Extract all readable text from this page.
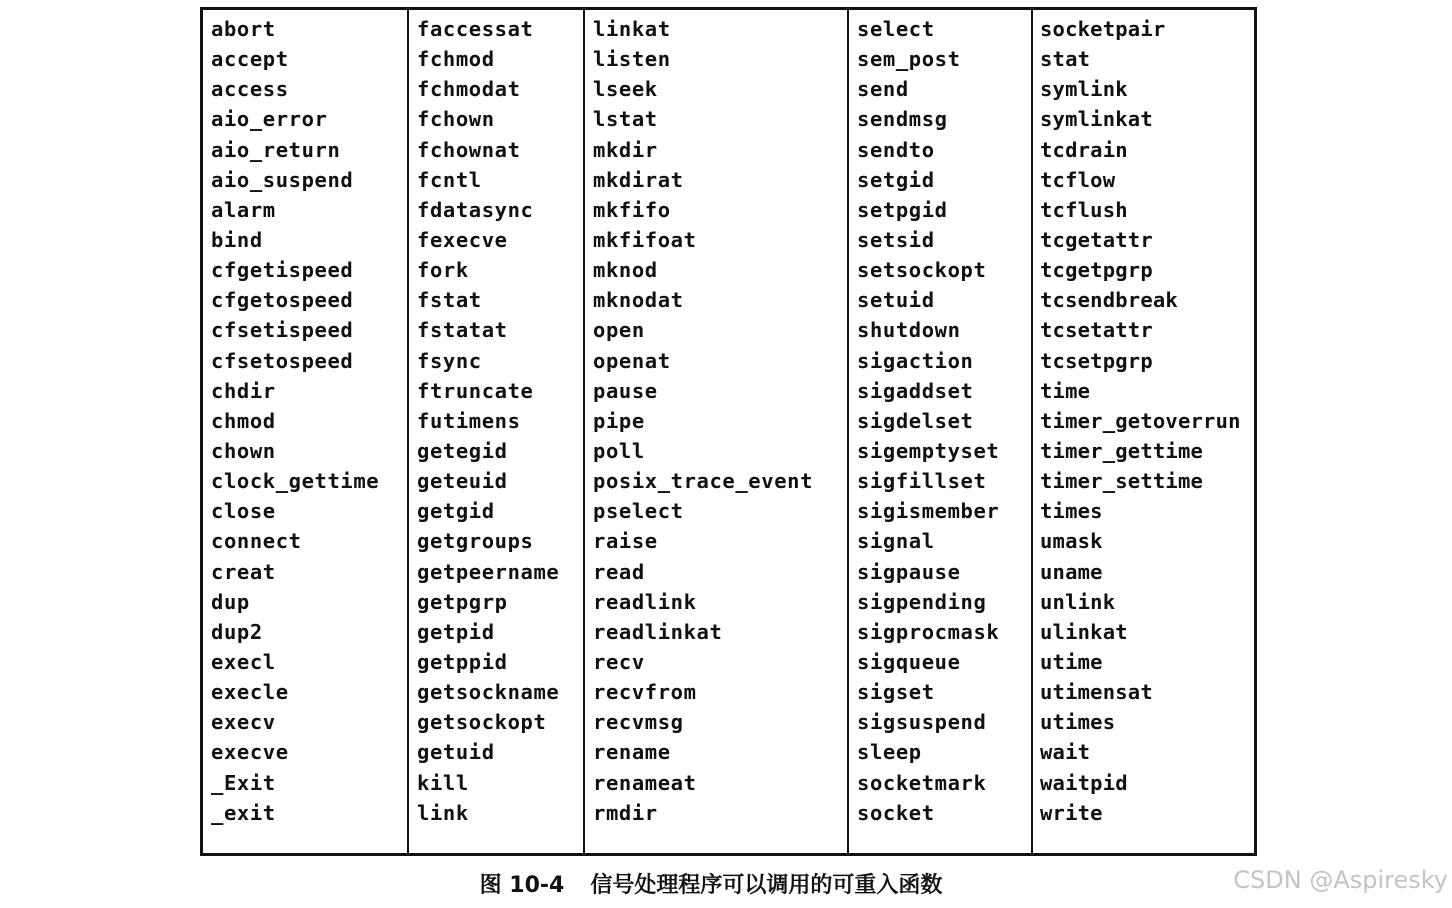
abort
accept
access
aio_error
aio_return
aio_suspend
alarm
bind
cfgetispeed
cfgetospeed
cfsetispeed
cfsetospeed
chdir
chmod
chown
clock_gettime
close
connect
creat
dup
dup2
execl
execle
execv
execve
_Exit
_exit
faccessat
fchmod
fchmodat
fchown
fchownat
fcntl
fdatasync
fexecve
fork
fstat
fstatat
fsync
ftruncate
futimens
getegid
geteuid
getgid
getgroups
getpeername
getpgrp
getpid
getppid
getsockname
getsockopt
getuid
kill
link
linkat
listen
lseek
lstat
mkdir
mkdirat
mkfifo
mkfifoat
mknod
mknodat
open
openat
pause
pipe
poll
posix_trace_event
pselect
raise
read
readlink
readlinkat
recv
recvfrom
recvmsg
rename
renameat
rmdir
select
sem_post
send
sendmsg
sendto
setgid
setpgid
setsid
setsockopt
setuid
shutdown
sigaction
sigaddset
sigdelset
sigemptyset
sigfillset
sigismember
signal
sigpause
sigpending
sigprocmask
sigqueue
sigset
sigsuspend
sleep
socketmark
socket
socketpair
stat
symlink
symlinkat
tcdrain
tcflow
tcflush
tcgetattr
tcgetpgrp
tcsendbreak
tcsetattr
tcsetpgrp
time
timer_getoverrun
timer_gettime
timer_settime
times
umask
uname
unlink
ulinkat
utime
utimensat
utimes
wait
waitpid
write
图 10-4 信号处理程序可以调用的可重入函数	CSDN @Aspiresky
